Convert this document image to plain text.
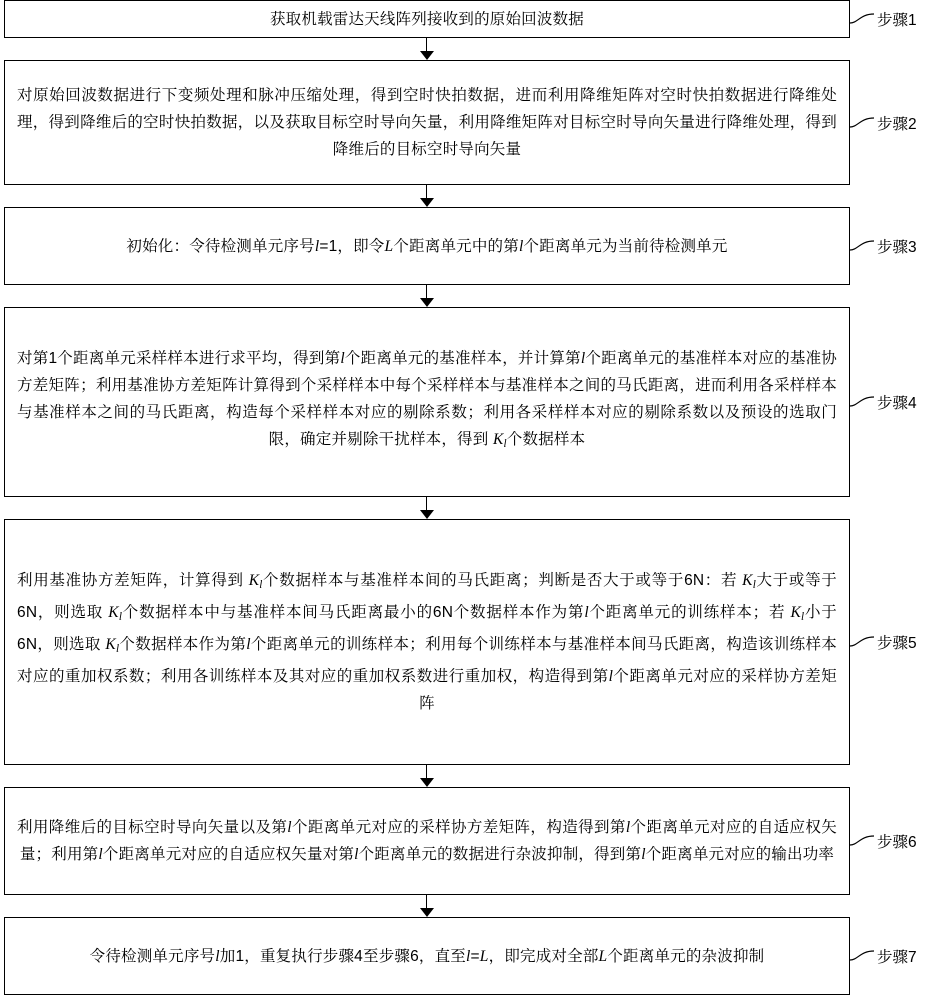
获取机载雷达天线阵列接收到的原始回波数据	步骤1
对原始回波数据进行下变频处理和脉冲压缩处理，得到空时快拍数据，进而利用降维矩阵对空时快拍数据进行降维处理，得到降维后的空时快拍数据，以及获取目标空时导向矢量，利用降维矩阵对目标空时导向矢量进行降维处理，得到降维后的目标空时导向矢量
步骤2
初始化：令待检测单元序号l=1，即令L个距离单元中的第l个距离单元为当前待检测单元	步骤3
对第1个距离单元采样样本进行求平均，得到第l个距离单元的基准样本，并计算第l个距离单元的基准样本对应的基准协方差矩阵；利用基准协方差矩阵计算得到个采样样本中每个采样样本与基准样本之间的马氏距离，进而利用各采样样本与基准样本之间的马氏距离，构造每个采样样本对应的剔除系数；利用各采样样本对应的剔除系数以及预设的选取门限，确定并剔除干扰样本，得到 $K_l$个数据样本
步骤4
利用基准协方差矩阵，计算得到 $K_l$个数据样本与基准样本间的马氏距离；判断是否大于或等于6N：若 $K_l$大于或等于6N，则选取 $K_l$个数据样本中与基准样本间马氏距离最小的6N个数据样本作为第l个距离单元的训练样本；若 $K_l$小于6N，则选取 $K_l$个数据样本作为第l个距离单元的训练样本；利用每个训练样本与基准样本间马氏距离，构造该训练样本对应的重加权系数；利用各训练样本及其对应的重加权系数进行重加权，构造得到第l个距离单元对应的采样协方差矩阵
步骤5
利用降维后的目标空时导向矢量以及第l个距离单元对应的采样协方差矩阵，构造得到第l个距离单元对应的自适应权矢量；利用第l个距离单元对应的自适应权矢量对第l个距离单元的数据进行杂波抑制，得到第l个距离单元对应的输出功率
步骤6
令待检测单元序号l加1，重复执行步骤4至步骤6，直至l=L，即完成对全部L个距离单元的杂波抑制	步骤7
